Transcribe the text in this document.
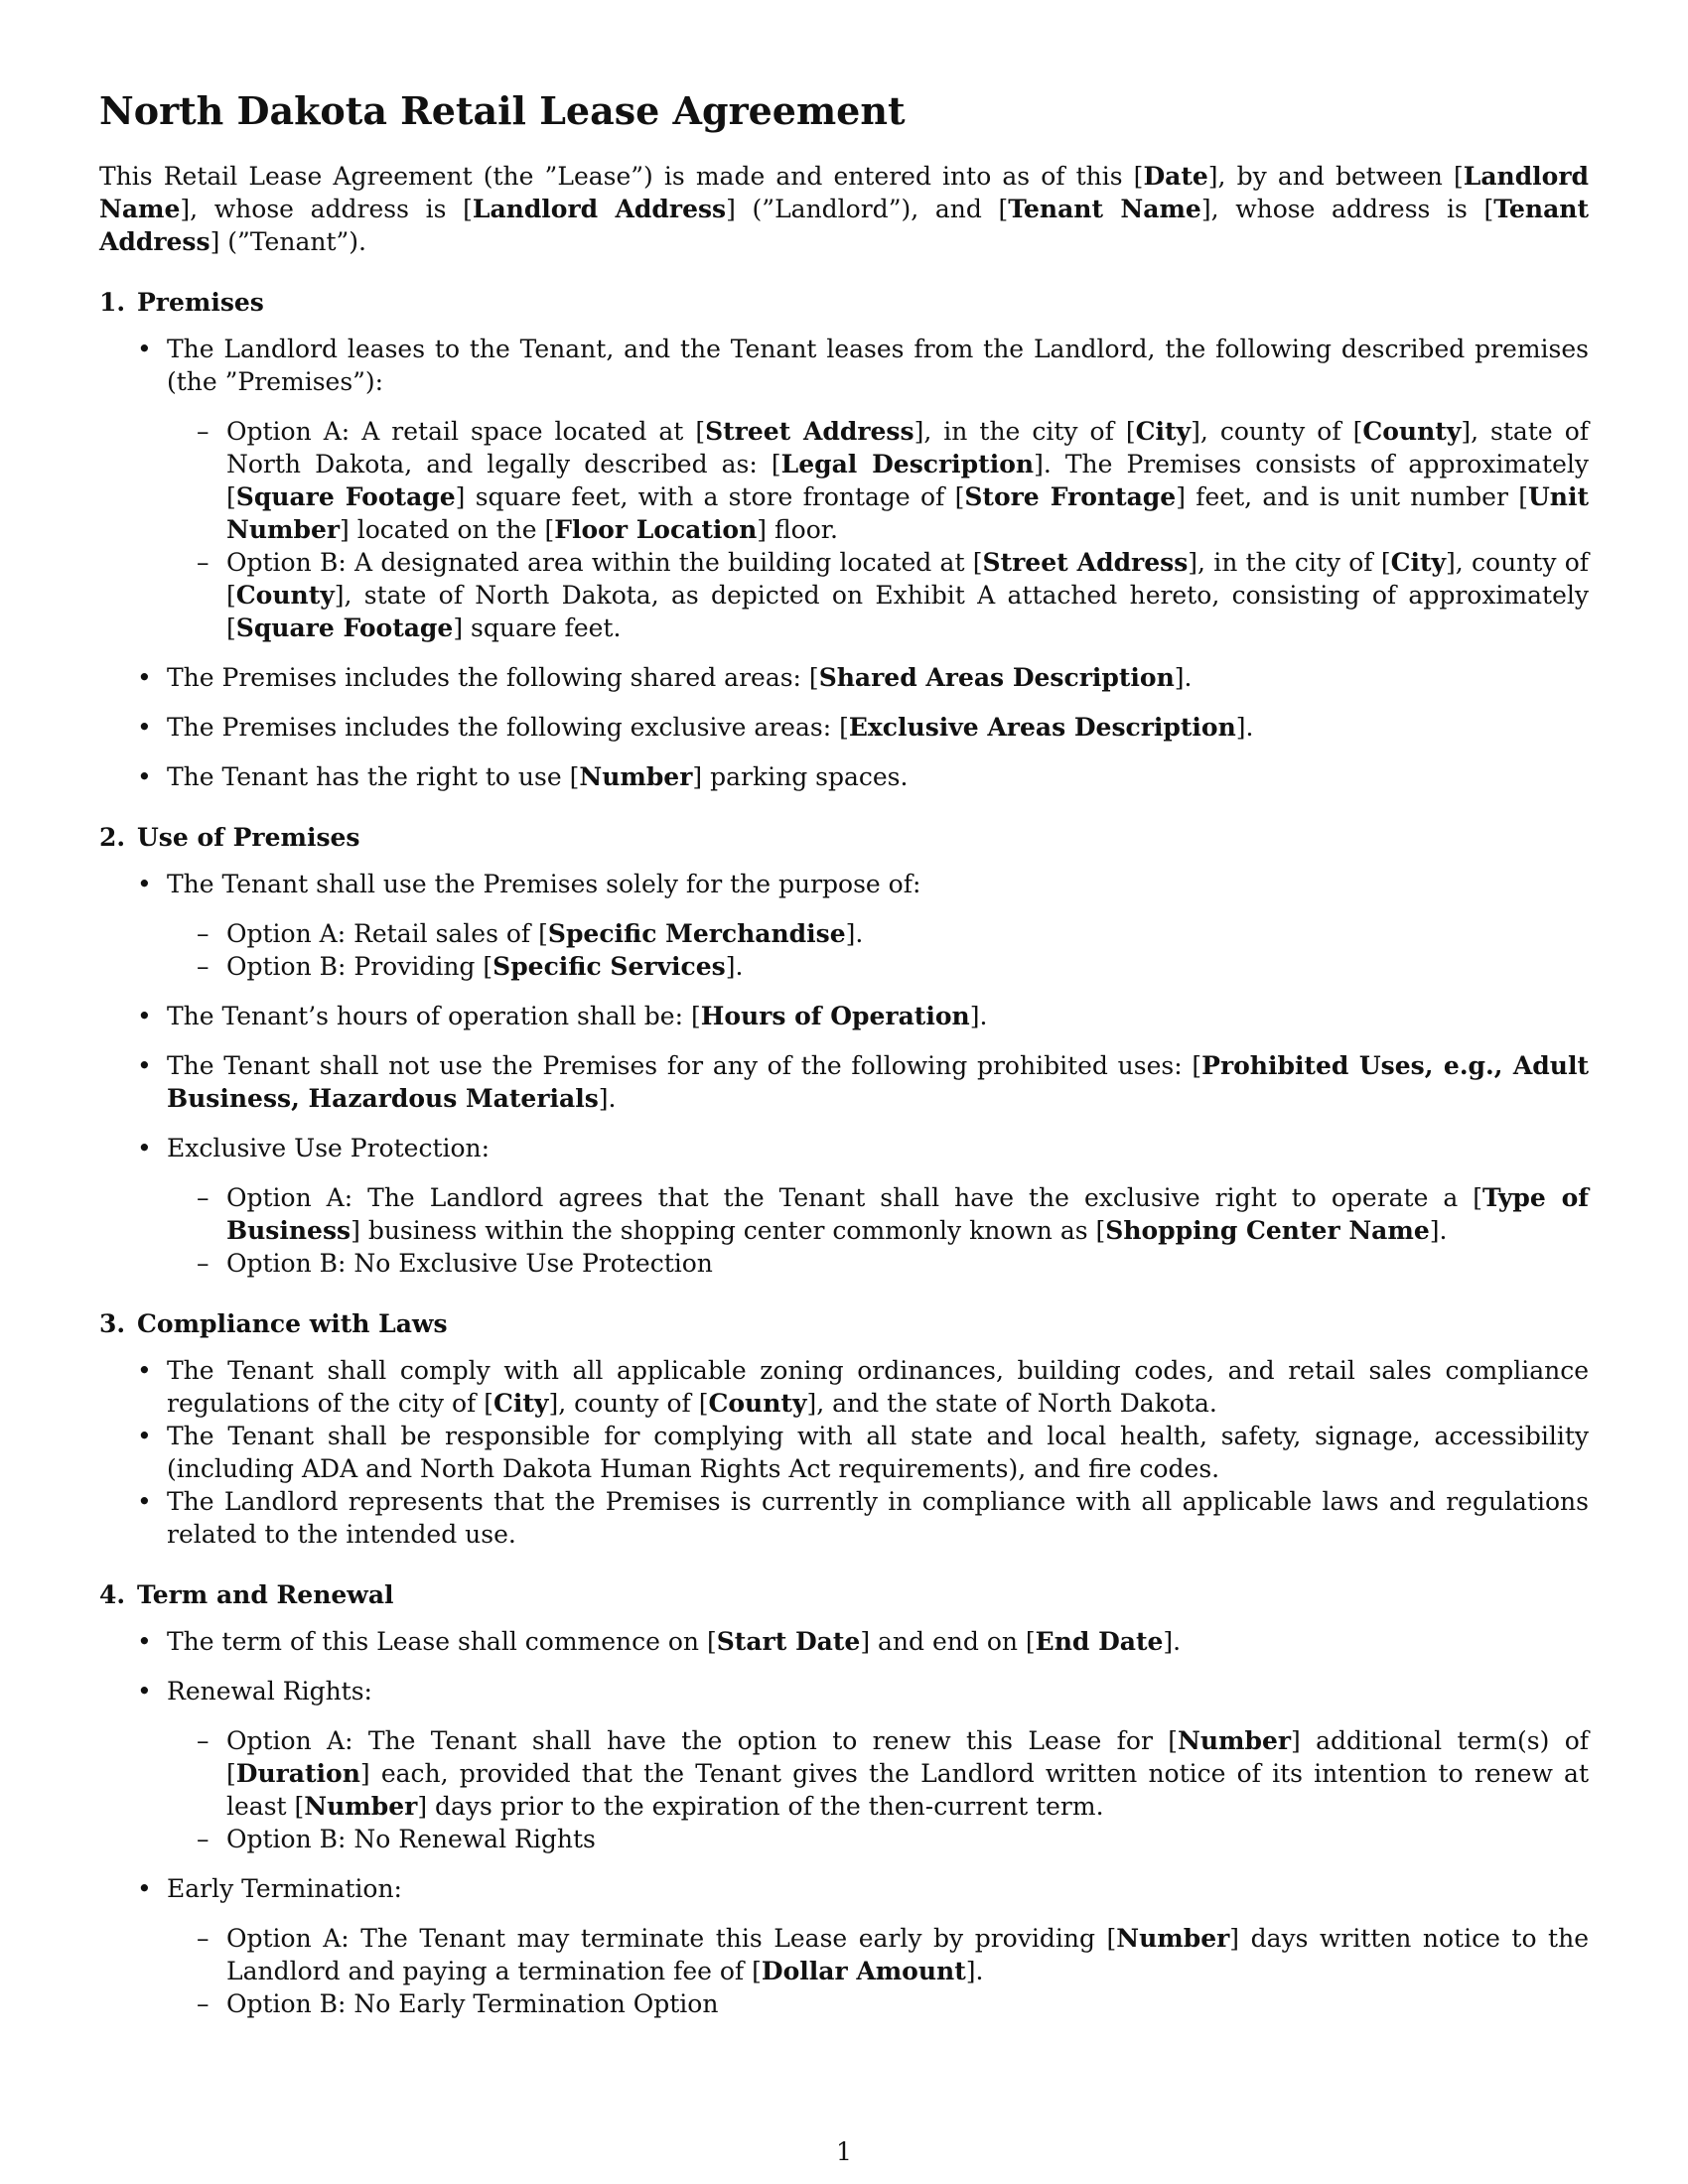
North Dakota Retail Lease Agreement

This Retail Lease Agreement (the ”Lease”) is made and entered into as of this [Date], by and between [Landlord Name], whose address is [Landlord Address] (”Landlord”), and [Tenant Name], whose address is [Tenant Address] (”Tenant”).

1. Premises
• The Landlord leases to the Tenant, and the Tenant leases from the Landlord, the following described premises (the ”Premises”):
– Option A: A retail space located at [Street Address], in the city of [City], county of [County], state of North Dakota, and legally described as: [Legal Description]. The Premises consists of approximately [Square Footage] square feet, with a store frontage of [Store Frontage] feet, and is unit number [Unit Number] located on the [Floor Location] floor.
– Option B: A designated area within the building located at [Street Address], in the city of [City], county of [County], state of North Dakota, as depicted on Exhibit A attached hereto, consisting of approximately [Square Footage] square feet.
• The Premises includes the following shared areas: [Shared Areas Description].
• The Premises includes the following exclusive areas: [Exclusive Areas Description].
• The Tenant has the right to use [Number] parking spaces.
2. Use of Premises
• The Tenant shall use the Premises solely for the purpose of:
– Option A: Retail sales of [Specific Merchandise].
– Option B: Providing [Specific Services].
• The Tenant’s hours of operation shall be: [Hours of Operation].
• The Tenant shall not use the Premises for any of the following prohibited uses: [Prohibited Uses, e.g., Adult Business, Hazardous Materials].
• Exclusive Use Protection:
– Option A: The Landlord agrees that the Tenant shall have the exclusive right to operate a [Type of Business] business within the shopping center commonly known as [Shopping Center Name].
– Option B: No Exclusive Use Protection
3. Compliance with Laws
• The Tenant shall comply with all applicable zoning ordinances, building codes, and retail sales compliance regulations of the city of [City], county of [County], and the state of North Dakota.
• The Tenant shall be responsible for complying with all state and local health, safety, signage, accessibility (including ADA and North Dakota Human Rights Act requirements), and fire codes.
• The Landlord represents that the Premises is currently in compliance with all applicable laws and regulations related to the intended use.
4. Term and Renewal
• The term of this Lease shall commence on [Start Date] and end on [End Date].
• Renewal Rights:
– Option A: The Tenant shall have the option to renew this Lease for [Number] additional term(s) of [Duration] each, provided that the Tenant gives the Landlord written notice of its intention to renew at least [Number] days prior to the expiration of the then-current term.
– Option B: No Renewal Rights
• Early Termination:
– Option A: The Tenant may terminate this Lease early by providing [Number] days written notice to the Landlord and paying a termination fee of [Dollar Amount].
– Option B: No Early Termination Option
1
